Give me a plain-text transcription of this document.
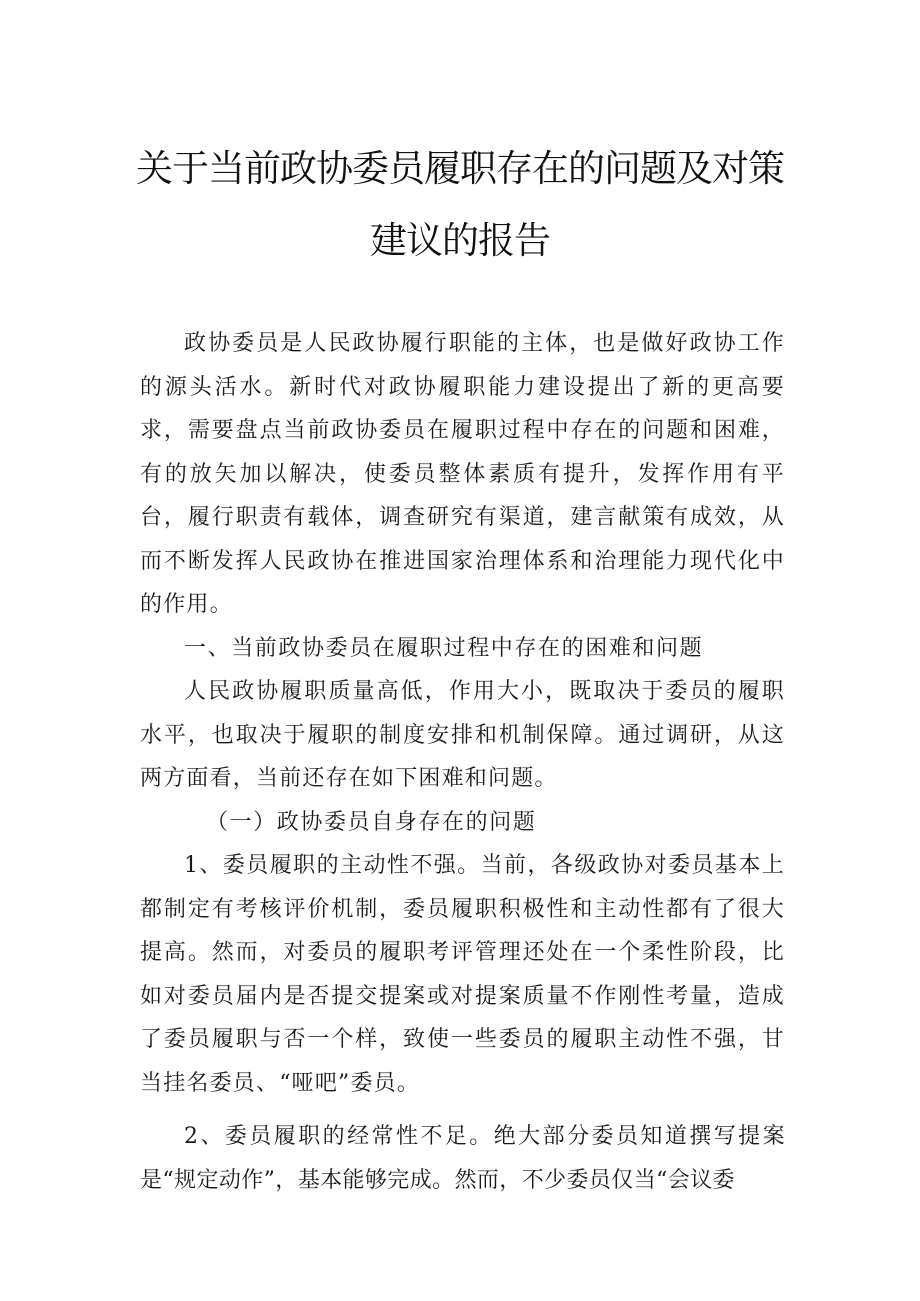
关于当前政协委员履职存在的问题及对策
建议的报告

政协委员是人民政协履行职能的主体，也是做好政协工作的源头活水。新时代对政协履职能力建设提出了新的更高要求，需要盘点当前政协委员在履职过程中存在的问题和困难，有的放矢加以解决，使委员整体素质有提升，发挥作用有平台，履行职责有载体，调查研究有渠道，建言献策有成效，从而不断发挥人民政协在推进国家治理体系和治理能力现代化中的作用。

一、当前政协委员在履职过程中存在的困难和问题

人民政协履职质量高低，作用大小，既取决于委员的履职水平，也取决于履职的制度安排和机制保障。通过调研，从这两方面看，当前还存在如下困难和问题。

（一）政协委员自身存在的问题

1、委员履职的主动性不强。当前，各级政协对委员基本上都制定有考核评价机制，委员履职积极性和主动性都有了很大提高。然而，对委员的履职考评管理还处在一个柔性阶段，比如对委员届内是否提交提案或对提案质量不作刚性考量，造成了委员履职与否一个样，致使一些委员的履职主动性不强，甘当挂名委员、“哑吧”委员。

2、委员履职的经常性不足。绝大部分委员知道撰写提案是“规定动作”，基本能够完成。然而，不少委员仅当“会议委
